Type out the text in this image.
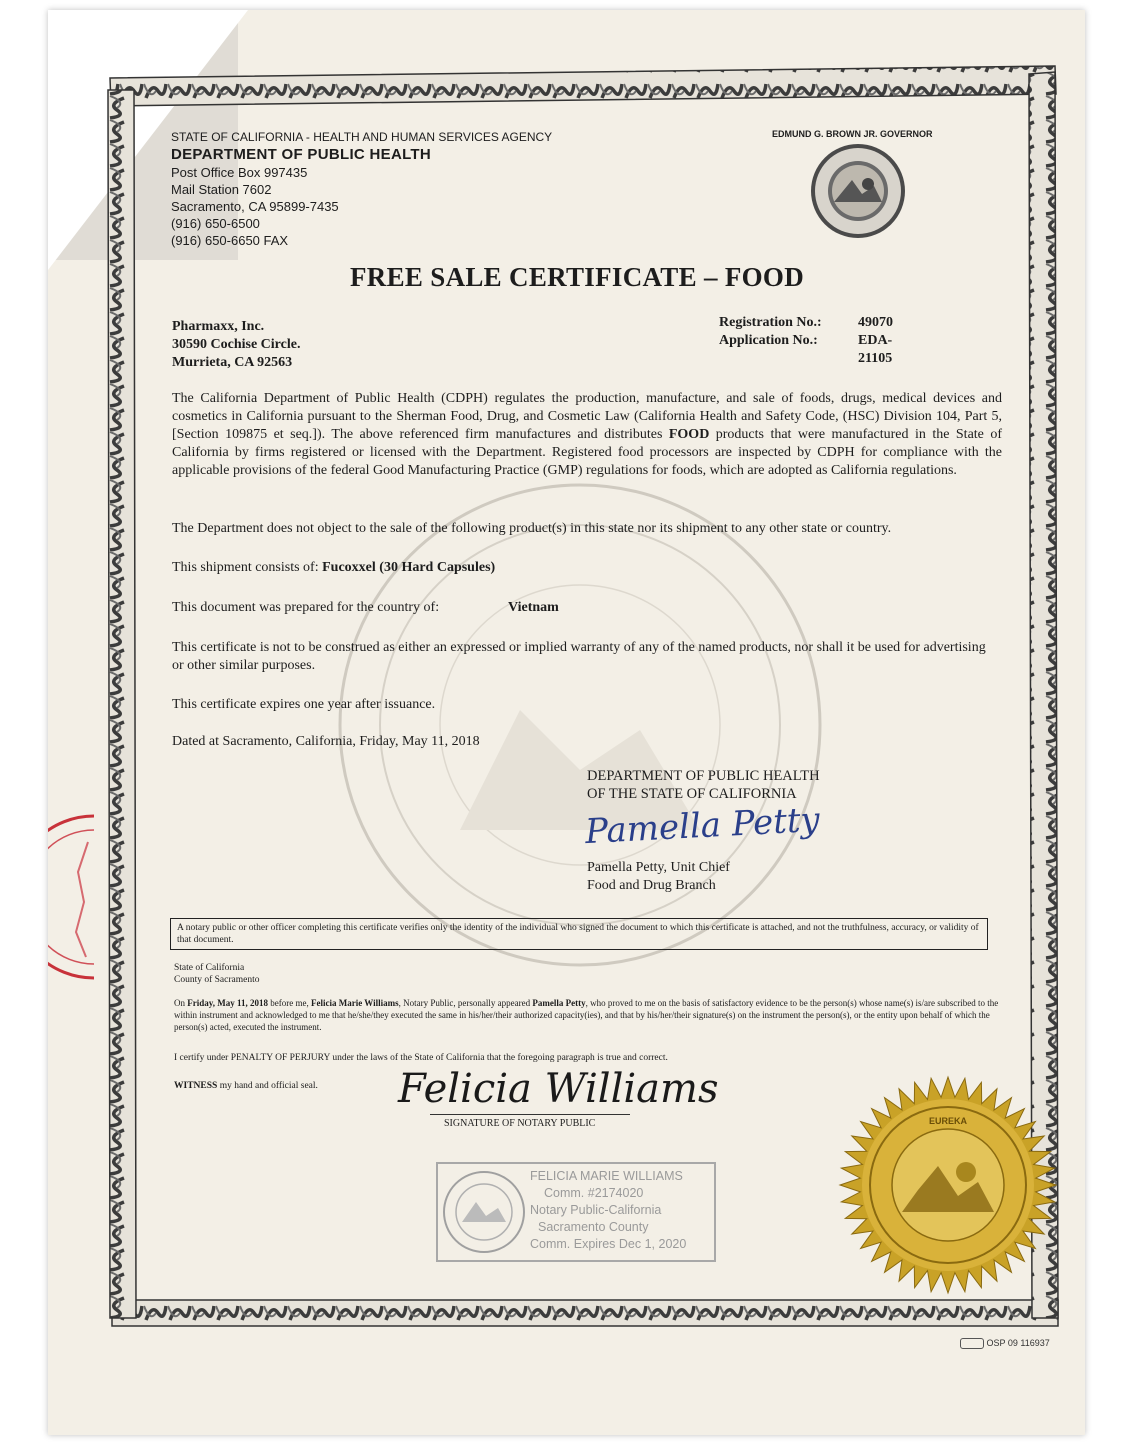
STATE OF CALIFORNIA - HEALTH AND HUMAN SERVICES AGENCY	EDMUND G. BROWN JR. GOVERNOR
DEPARTMENT OF PUBLIC HEALTH
Post Office Box 997435
Mail Station 7602
Sacramento, CA 95899-7435
(916) 650-6500
(916) 650-6650 FAX
FREE SALE CERTIFICATE – FOOD
Pharmaxx, Inc.
30590 Cochise Circle.
Murrieta, CA 92563
Registration No.:	49070
Application No.:	EDA-21105
The California Department of Public Health (CDPH) regulates the production, manufacture, and sale of foods, drugs, medical devices and cosmetics in California pursuant to the Sherman Food, Drug, and Cosmetic Law (California Health and Safety Code, (HSC) Division 104, Part 5, [Section 109875 et seq.]). The above referenced firm manufactures and distributes FOOD products that were manufactured in the State of California by firms registered or licensed with the Department. Registered food processors are inspected by CDPH for compliance with the applicable provisions of the federal Good Manufacturing Practice (GMP) regulations for foods, which are adopted as California regulations.
The Department does not object to the sale of the following product(s) in this state nor its shipment to any other state or country.
This shipment consists of: Fucoxxel (30 Hard Capsules)
This document was prepared for the country of:	Vietnam
This certificate is not to be construed as either an expressed or implied warranty of any of the named products, nor shall it be used for advertising or other similar purposes.
This certificate expires one year after issuance.
Dated at Sacramento, California, Friday, May 11, 2018
DEPARTMENT OF PUBLIC HEALTH
OF THE STATE OF CALIFORNIA
Pamella Petty
Pamella Petty, Unit Chief
Food and Drug Branch
A notary public or other officer completing this certificate verifies only the identity of the individual who signed the document to which this certificate is attached, and not the truthfulness, accuracy, or validity of that document.
State of California
County of Sacramento
On Friday, May 11, 2018 before me, Felicia Marie Williams, Notary Public, personally appeared Pamella Petty, who proved to me on the basis of satisfactory evidence to be the person(s) whose name(s) is/are subscribed to the within instrument and acknowledged to me that he/she/they executed the same in his/her/their authorized capacity(ies), and that by his/her/their signature(s) on the instrument the person(s), or the entity upon behalf of which the person(s) acted, executed the instrument.
I certify under PENALTY OF PERJURY under the laws of the State of California that the foregoing paragraph is true and correct.
WITNESS my hand and official seal. Felicia Williams
SIGNATURE OF NOTARY PUBLIC
FELICIA MARIE WILLIAMS
Comm. #2174020
Notary Public-California
Sacramento County
Comm. Expires Dec 1, 2020
EUREKA
OSP 09 116937
